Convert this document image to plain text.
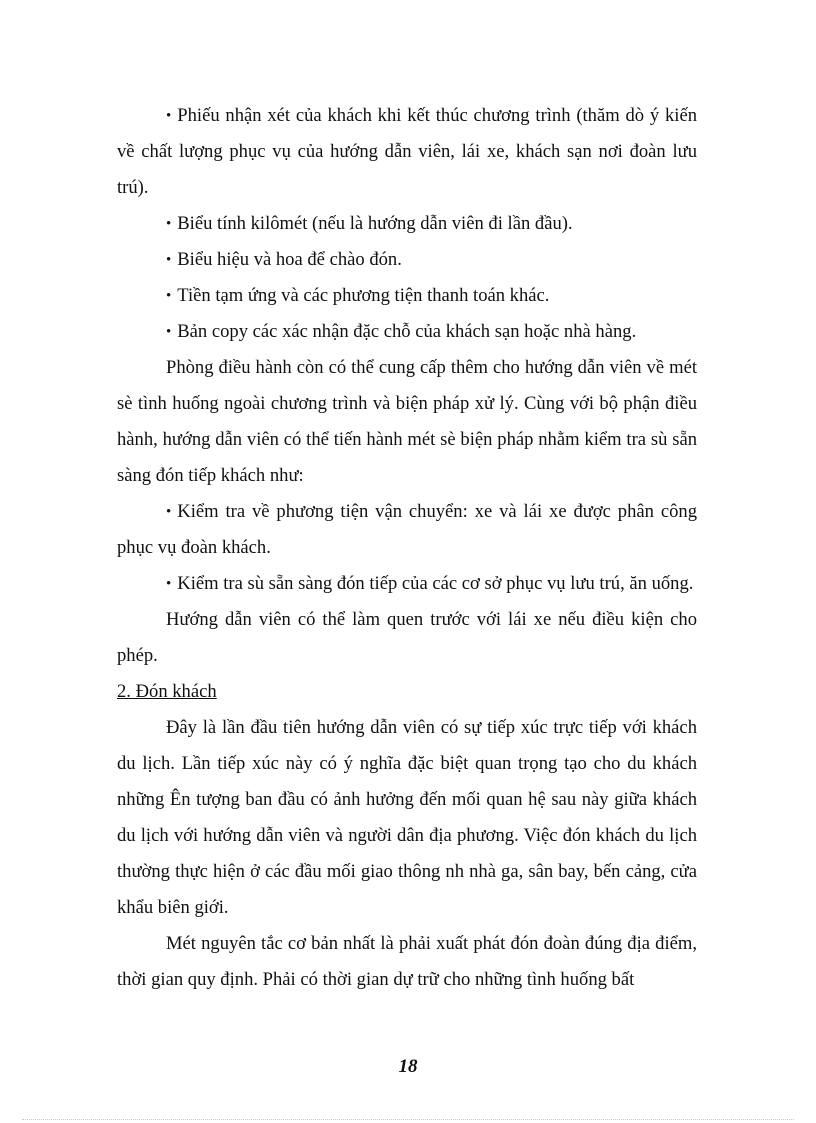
• Phiếu nhận xét của khách khi kết thúc chương trình (thăm dò ý kiến về chất lượng phục vụ của hướng dẫn viên, lái xe, khách sạn nơi đoàn lưu trú).

• Biểu tính kilômét (nếu là hướng dẫn viên đi lần đầu).

• Biểu hiệu và hoa để chào đón.

• Tiền tạm ứng và các phương tiện thanh toán khác.

• Bản copy các xác nhận đặc chỗ của khách sạn hoặc nhà hàng.

Phòng điều hành còn có thể cung cấp thêm cho hướng dẫn viên về mét sè tình huống ngoài chương trình và biện pháp xử lý. Cùng với bộ phận điều hành, hướng dẫn viên có thể tiến hành mét sè biện pháp nhằm kiểm tra sù sẵn sàng đón tiếp khách như:

• Kiểm tra về phương tiện vận chuyển: xe và lái xe được phân công phục vụ đoàn khách.

• Kiểm tra sù sẵn sàng đón tiếp của các cơ sở phục vụ lưu trú, ăn uống.

Hướng dẫn viên có thể làm quen trước với lái xe nếu điều kiện cho phép.

2. Đón khách

Đây là lần đầu tiên hướng dẫn viên có sự tiếp xúc trực tiếp với khách du lịch. Lần tiếp xúc này có ý nghĩa đặc biệt quan trọng tạo cho du khách những Ên tượng ban đầu có ảnh hưởng đến mối quan hệ sau này giữa khách du lịch với hướng dẫn viên và người dân địa phương. Việc đón khách du lịch thường thực hiện ở các đầu mối giao thông nh nhà ga, sân bay, bến cảng, cửa khẩu biên giới.

Mét nguyên tắc cơ bản nhất là phải xuất phát đón đoàn đúng địa điểm, thời gian quy định. Phải có thời gian dự trữ cho những tình huống bất

18
